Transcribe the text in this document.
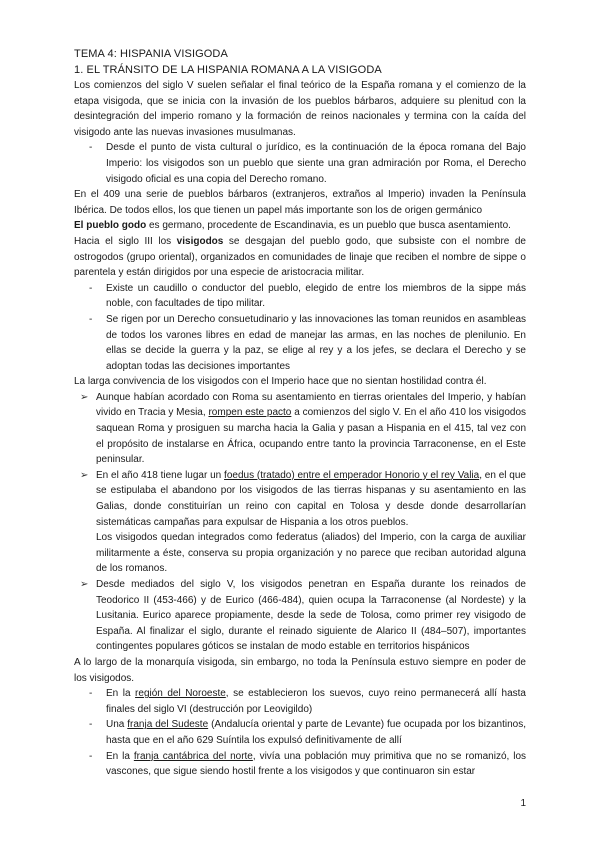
TEMA 4: HISPANIA VISIGODA
1. EL TRÁNSITO DE LA HISPANIA ROMANA A LA VISIGODA

Los comienzos del siglo V suelen señalar el final teórico de la España romana y el comienzo de la etapa visigoda, que se inicia con la invasión de los pueblos bárbaros, adquiere su plenitud con la desintegración del imperio romano y la formación de reinos nacionales y termina con la caída del visigodo ante las nuevas invasiones musulmanas.

- Desde el punto de vista cultural o jurídico, es la continuación de la época romana del Bajo Imperio: los visigodos son un pueblo que siente una gran admiración por Roma, el Derecho visigodo oficial es una copia del Derecho romano.

En el 409 una serie de pueblos bárbaros (extranjeros, extraños al Imperio) invaden la Península Ibérica. De todos ellos, los que tienen un papel más importante son los de origen germánico

El pueblo godo es germano, procedente de Escandinavia, es un pueblo que busca asentamiento.

Hacia el siglo III los visigodos se desgajan del pueblo godo, que subsiste con el nombre de ostrogodos (grupo oriental), organizados en comunidades de linaje que reciben el nombre de sippe o parentela y están dirigidos por una especie de aristocracia militar.

- Existe un caudillo o conductor del pueblo, elegido de entre los miembros de la sippe más noble, con facultades de tipo militar.
- Se rigen por un Derecho consuetudinario y las innovaciones las toman reunidos en asambleas de todos los varones libres en edad de manejar las armas, en las noches de plenilunio. En ellas se decide la guerra y la paz, se elige al rey y a los jefes, se declara el Derecho y se adoptan todas las decisiones importantes

La larga convivencia de los visigodos con el Imperio hace que no sientan hostilidad contra él.

➢ Aunque habían acordado con Roma su asentamiento en tierras orientales del Imperio, y habían vivido en Tracia y Mesia, rompen este pacto a comienzos del siglo V. En el año 410 los visigodos saquean Roma y prosiguen su marcha hacia la Galia y pasan a Hispania en el 415, tal vez con el propósito de instalarse en África, ocupando entre tanto la provincia Tarraconense, en el Este peninsular.
➢ En el año 418 tiene lugar un foedus (tratado) entre el emperador Honorio y el rey Valia, en el que se estipulaba el abandono por los visigodos de las tierras hispanas y su asentamiento en las Galias, donde constituirían un reino con capital en Tolosa y desde donde desarrollarían sistemáticas campañas para expulsar de Hispania a los otros pueblos.

Los visigodos quedan integrados como federatus (aliados) del Imperio, con la carga de auxiliar militarmente a éste, conserva su propia organización y no parece que reciban autoridad alguna de los romanos.

➢ Desde mediados del siglo V, los visigodos penetran en España durante los reinados de Teodorico II (453-466) y de Eurico (466-484), quien ocupa la Tarraconense (al Nordeste) y la Lusitania. Eurico aparece propiamente, desde la sede de Tolosa, como primer rey visigodo de España. Al finalizar el siglo, durante el reinado siguiente de Alarico II (484–507), importantes contingentes populares góticos se instalan de modo estable en territorios hispánicos

A lo largo de la monarquía visigoda, sin embargo, no toda la Península estuvo siempre en poder de los visigodos.

- En la región del Noroeste, se establecieron los suevos, cuyo reino permanecerá allí hasta finales del siglo VI (destrucción por Leovigildo)
- Una franja del Sudeste (Andalucía oriental y parte de Levante) fue ocupada por los bizantinos, hasta que en el año 629 Suíntila los expulsó definitivamente de allí
- En la franja cantábrica del norte, vivía una población muy primitiva que no se romanizó, los vascones, que sigue siendo hostil frente a los visigodos y que continuaron sin estar
1
